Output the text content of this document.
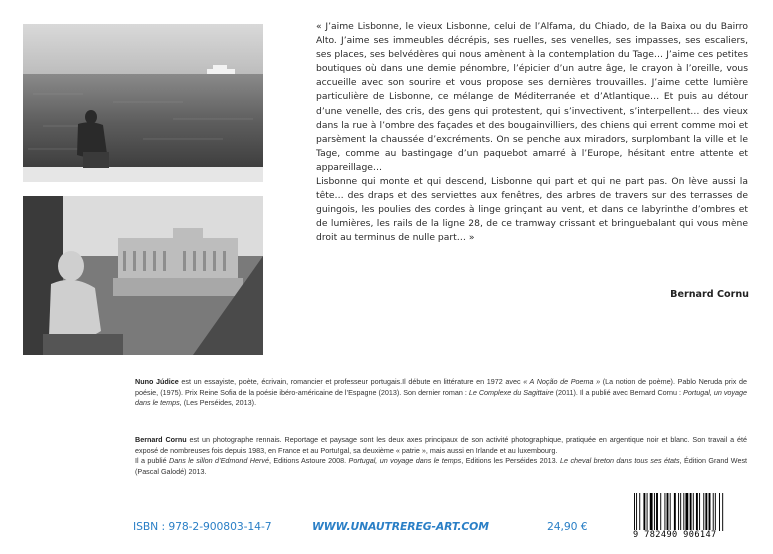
« J’aime Lisbonne, le vieux Lisbonne, celui de l’Alfama, du Chiado, de la Baixa ou du Bairro Alto. J’aime ses immeubles décrépis, ses ruelles, ses venelles, ses impasses, ses escaliers, ses places, ses belvédères qui nous amènent à la contemplation du Tage… J’aime ces petites boutiques où dans une demie pénombre, l’épicier d’un autre âge, le crayon à l’oreille, vous accueille avec son sourire et vous propose ses dernières trouvailles. J’aime cette lumière particulière de Lisbonne, ce mélange de Méditerranée et d’Atlantique… Et puis au détour d’une venelle, des cris, des gens qui protestent, qui s’invectivent, s’interpellent… des vieux dans la rue à l’ombre des façades et des bougainvilliers, des chiens qui errent comme moi et parsèment la chaussée d’excréments. On se penche aux miradors, surplombant la ville et le Tage, comme au bastingage d’un paquebot amarré à l’Europe, hésitant entre attente et appareillage…

Lisbonne qui monte et qui descend, Lisbonne qui part et qui ne part pas. On lève aussi la tête… des draps et des serviettes aux fenêtres, des arbres de travers sur des terrasses de guingois, les poulies des cordes à linge grinçant au vent, et dans ce labyrinthe d’ombres et de lumières, les rails de la ligne 28, de ce tramway crissant et bringuebalant qui vous mène droit au terminus de nulle part… »

Bernard Cornu

Nuno Júdice est un essayiste, poète, écrivain, romancier et professeur portugais.Il débute en littérature en 1972 avec « A Noção de Poema » (La notion de poème). Pablo Neruda prix de poésie, (1975). Prix Reine Sofia de la poésie ibéro-américaine de l’Espagne (2013). Son dernier roman : Le Complexe du Sagittaire (2011). Il a publié avec Bernard Cornu : Portugal, un voyage dans le temps, (Les Perséides, 2013).

Bernard Cornu est un photographe rennais. Reportage et paysage sont les deux axes principaux de son activité photographique, pratiquée en argentique noir et blanc. Son travail a été exposé de nombreuses fois depuis 1983, en France et au Portu!gal, sa deuxième « patrie », mais aussi en Irlande et au luxembourg.

Il a publié Dans le sillon d’Edmond Hervé, Editions Astoure 2008. Portugal, un voyage dans le temps, Editions les Perséides 2013. Le cheval breton dans tous ses états, Édition Grand West (Pascal Galodé) 2013.

ISBN : 978-2-900803-14-7	WWW.UNAUTREREG-ART.COM	24,90 €
9 782490 906147
